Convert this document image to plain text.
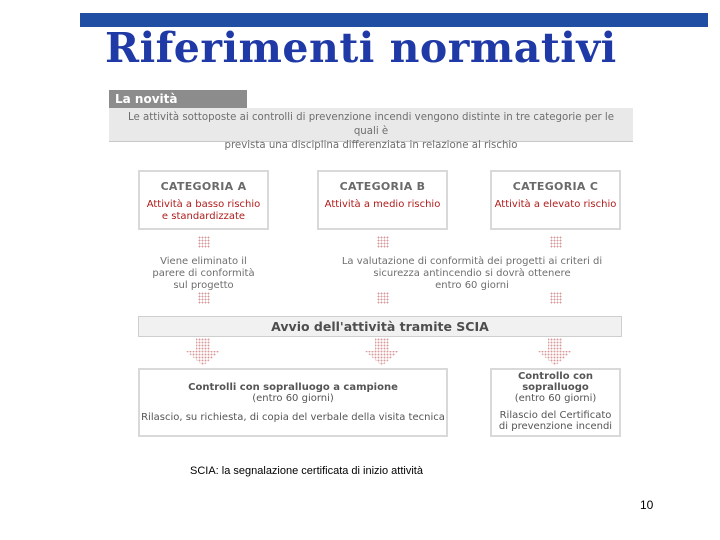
Riferimenti normativi
La novità
Le attività sottoposte ai controlli di prevenzione incendi vengono distinte in tre categorie per le quali è
prevista una disciplina differenziata in relazione al rischio
CATEGORIA A
Attività a basso rischio
e standardizzate
CATEGORIA B
Attività a medio rischio
CATEGORIA C
Attività a elevato rischio
Viene eliminato il
parere di conformità
sul progetto
La valutazione di conformità dei progetti ai criteri di
sicurezza antincendio si dovrà ottenere
entro 60 giorni
Avvio dell'attività tramite SCIA
Controlli con sopralluogo a campione
(entro 60 giorni)
Rilascio, su richiesta, di copia del verbale della visita tecnica
Controllo con
sopralluogo
(entro 60 giorni)
Rilascio del Certificato
di prevenzione incendi
SCIA: la segnalazione certificata di inizio attività
10
